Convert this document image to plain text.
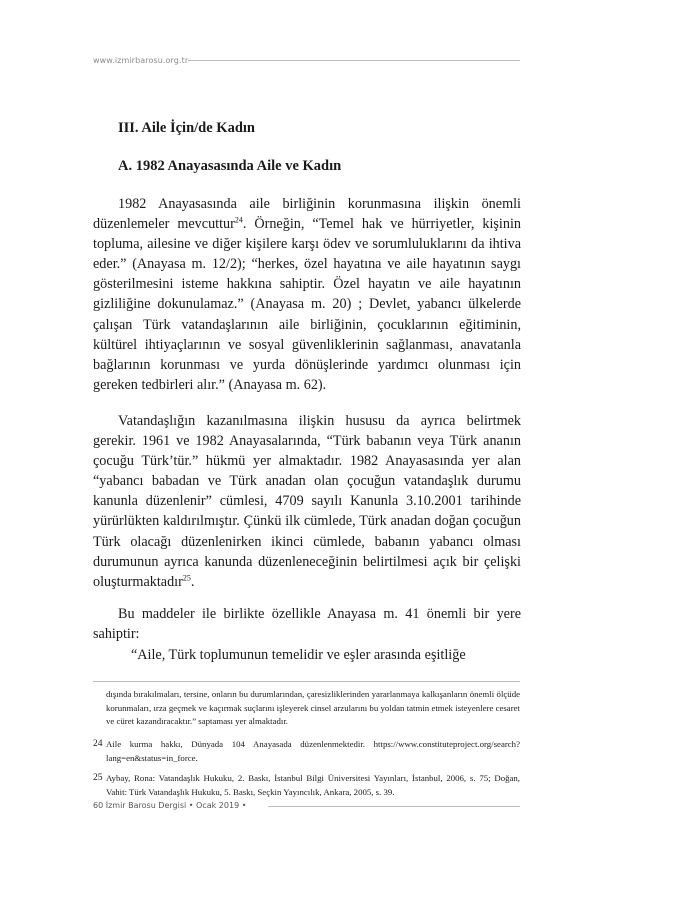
www.izmirbarosu.org.tr
III. Aile İçin/de Kadın
A. 1982 Anayasasında Aile ve Kadın

1982 Anayasasında aile birliğinin korunmasına ilişkin önemli düzenlemeler mevcuttur$^{24}$. Örneğin, “Temel hak ve hürriyetler, kişinin topluma, ailesine ve diğer kişilere karşı ödev ve sorumluluklarını da ihtiva eder.” (Anayasa m. 12/2); “herkes, özel hayatına ve aile hayatının saygı gösterilmesini isteme hakkına sahiptir. Özel hayatın ve aile hayatının gizliliğine dokunulamaz.” (Anayasa m. 20) ; Devlet, yabancı ülkelerde çalışan Türk vatandaşlarının aile birliğinin, çocuklarının eğitiminin, kültürel ihtiyaçlarının ve sosyal güvenliklerinin sağlanması, anavatanla bağlarının korunması ve yurda dönüşlerinde yardımcı olunması için gereken tedbirleri alır.” (Anayasa m. 62).

Vatandaşlığın kazanılmasına ilişkin hususu da ayrıca belirtmek gerekir. 1961 ve 1982 Anayasalarında, “Türk babanın veya Türk ananın çocuğu Türk’tür.” hükmü yer almaktadır. 1982 Anayasasında yer alan “yabancı babadan ve Türk anadan olan çocuğun vatandaşlık durumu kanunla düzenlenir” cümlesi, 4709 sayılı Kanunla 3.10.2001 tarihinde yürürlükten kaldırılmıştır. Çünkü ilk cümlede, Türk anadan doğan çocuğun Türk olacağı düzenlenirken ikinci cümlede, babanın yabancı olması durumunun ayrıca kanunda düzenleneceğinin belirtilmesi açık bir çelişki oluşturmaktadır$^{25}$.

Bu maddeler ile birlikte özellikle Anayasa m. 41 önemli bir yere sahiptir:

“Aile, Türk toplumunun temelidir ve eşler arasında eşitliğe

dışında bırakılmaları, tersine, onların bu durumlarından, çaresizliklerinden yararlanmaya kalkışanların önemli ölçüde korunmaları, ırza geçmek ve kaçırmak suçlarını işleyerek cinsel arzularını bu yoldan tatmin etmek isteyenlere cesaret ve cüret kazandıracaktır.” saptaması yer almaktadır.

24 Aile kurma hakkı, Dünyada 104 Anayasada düzenlenmektedir. https://www.constituteproject.org/search?lang=en&status=in_force.
25 Aybay, Rona: Vatandaşlık Hukuku, 2. Baskı, İstanbul Bilgi Üniversitesi Yayınları, İstanbul, 2006, s. 75; Doğan, Vahit: Türk Vatandaşlık Hukuku, 5. Baskı, Seçkin Yayıncılık, Ankara, 2005, s. 39.
60 İzmir Barosu Dergisi • Ocak 2019 •
